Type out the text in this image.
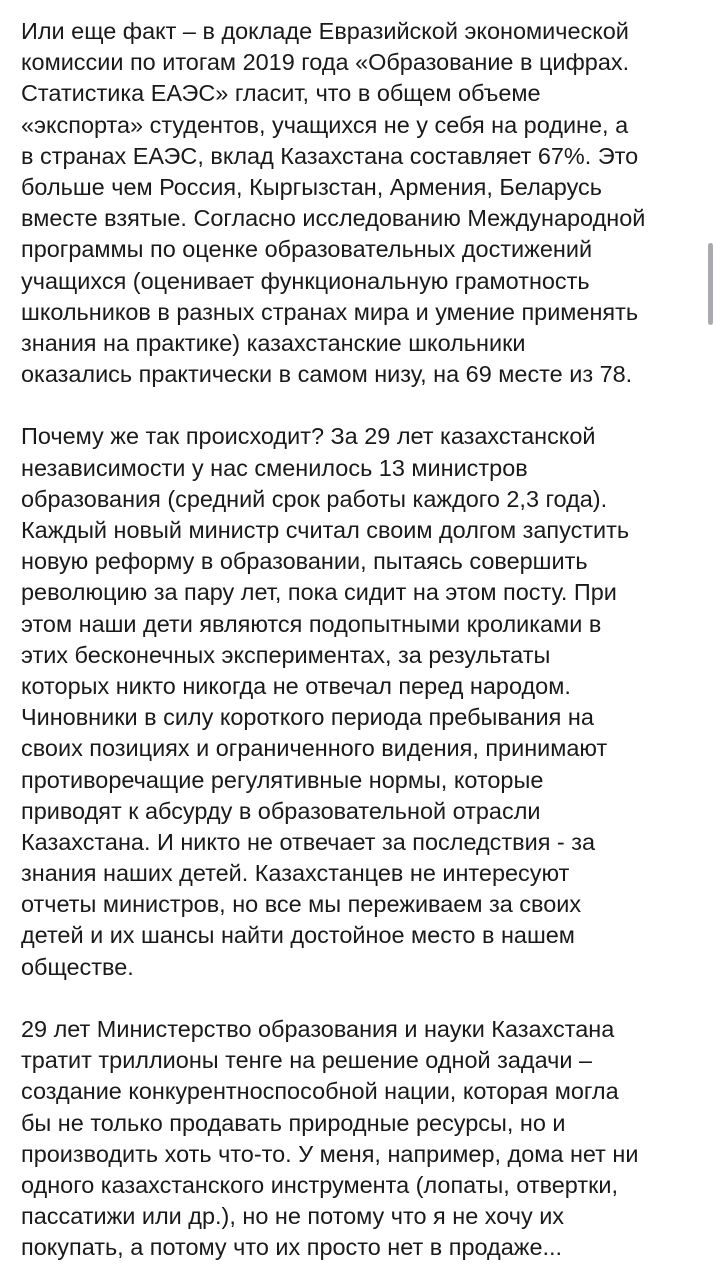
Или еще факт – в докладе Евразийской экономической
комиссии по итогам 2019 года «Образование в цифрах.
Статистика ЕАЭС» гласит, что в общем объеме
«экспорта» студентов, учащихся не у себя на родине, а
в странах ЕАЭС, вклад Казахстана составляет 67%. Это
больше чем Россия, Кыргызстан, Армения, Беларусь
вместе взятые. Согласно исследованию Международной
программы по оценке образовательных достижений
учащихся (оценивает функциональную грамотность
школьников в разных странах мира и умение применять
знания на практике) казахстанские школьники
оказались практически в самом низу, на 69 месте из 78.
Почему же так происходит? За 29 лет казахстанской
независимости у нас сменилось 13 министров
образования (средний срок работы каждого 2,3 года).
Каждый новый министр считал своим долгом запустить
новую реформу в образовании, пытаясь совершить
революцию за пару лет, пока сидит на этом посту. При
этом наши дети являются подопытными кроликами в
этих бесконечных экспериментах, за результаты
которых никто никогда не отвечал перед народом.
Чиновники в силу короткого периода пребывания на
своих позициях и ограниченного видения, принимают
противоречащие регулятивные нормы, которые
приводят к абсурду в образовательной отрасли
Казахстана. И никто не отвечает за последствия - за
знания наших детей. Казахстанцев не интересуют
отчеты министров, но все мы переживаем за своих
детей и их шансы найти достойное место в нашем
обществе.
29 лет Министерство образования и науки Казахстана
тратит триллионы тенге на решение одной задачи –
создание конкурентноспособной нации, которая могла
бы не только продавать природные ресурсы, но и
производить хоть что-то. У меня, например, дома нет ни
одного казахстанского инструмента (лопаты, отвертки,
пассатижи или др.), но не потому что я не хочу их
покупать, а потому что их просто нет в продаже...
